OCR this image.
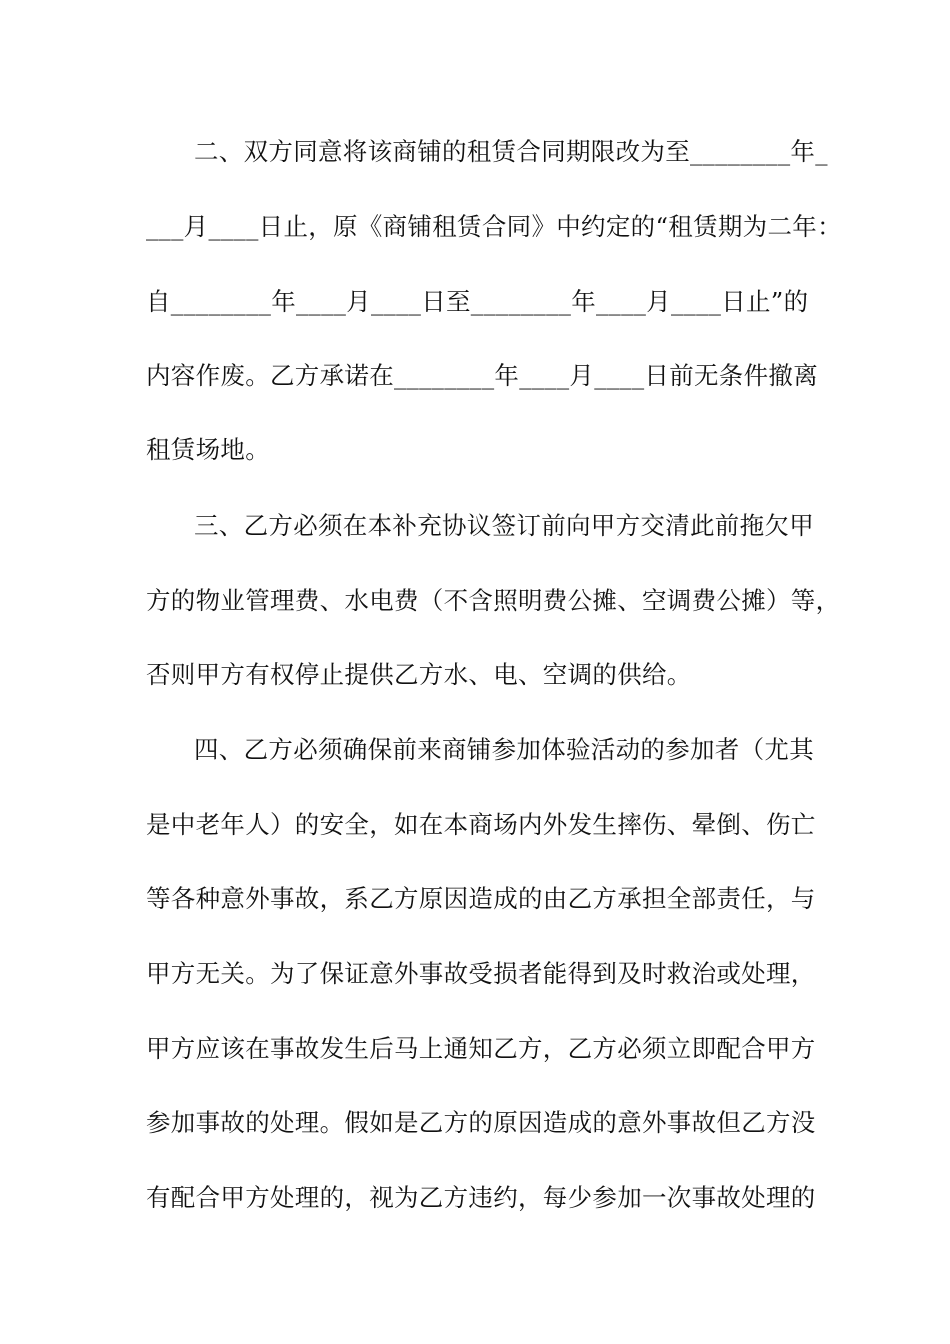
二、双方同意将该商铺的租赁合同期限改为至________年_
___月____日止，原《商铺租赁合同》中约定的“租赁期为二年：
自________年____月____日至________年____月____日止”的
内容作废。乙方承诺在________年____月____日前无条件撤离
租赁场地。
三、乙方必须在本补充协议签订前向甲方交清此前拖欠甲
方的物业管理费、水电费（不含照明费公摊、空调费公摊）等，
否则甲方有权停止提供乙方水、电、空调的供给。
四、乙方必须确保前来商铺参加体验活动的参加者（尤其
是中老年人）的安全，如在本商场内外发生摔伤、晕倒、伤亡
等各种意外事故，系乙方原因造成的由乙方承担全部责任，与
甲方无关。为了保证意外事故受损者能得到及时救治或处理，
甲方应该在事故发生后马上通知乙方，乙方必须立即配合甲方
参加事故的处理。假如是乙方的原因造成的意外事故但乙方没
有配合甲方处理的，视为乙方违约，每少参加一次事故处理的
